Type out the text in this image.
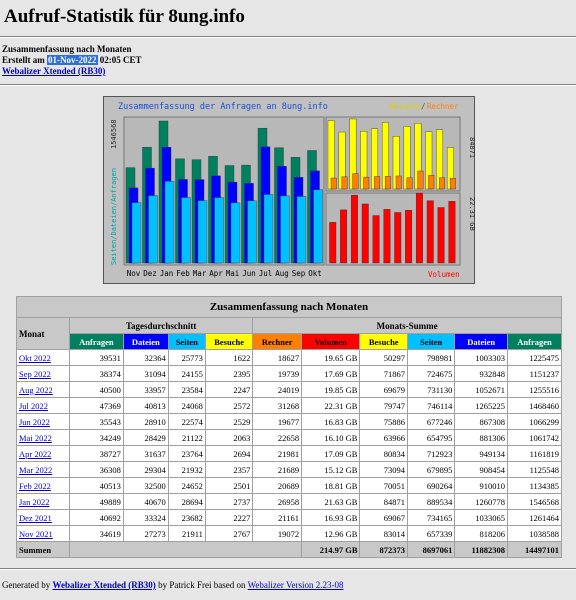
Aufruf-Statistik für 8ung.info
Zusammenfassung nach Monaten
Erstellt am 01-Nov-2022 02:05 CET
Webalizer Xtended (RB30)
Zusammenfassung der Anfragen an 8ung.info	Besuche / Rechner
Seiten/Dateien/Anfragen
1546568	84871
22.31 GB
Volumen
Nov Dez Jan Feb Mar Apr Mai Jun Jul Aug Sep Okt
Zusammenfassung nach Monaten										
Monat	Tagesdurchschnitt				Monats-Summe					
	Anfragen	Dateien	Seiten	Besuche	Rechner	Volumen	Besuche	Seiten	Dateien	Anfragen
Okt 2022	39531	32364	25773	1622	18627	19.65 GB	50297	798981	1003303	1225475
Sep 2022	38374	31094	24155	2395	19739	17.69 GB	71867	724675	932848	1151237
Aug 2022	40500	33957	23584	2247	24019	19.85 GB	69679	731130	1052671	1255516
Jul 2022	47369	40813	24068	2572	31268	22.31 GB	79747	746114	1265225	1468460
Jun 2022	35543	28910	22574	2529	19677	16.83 GB	75886	677246	867308	1066299
Mai 2022	34249	28429	21122	2063	22658	16.10 GB	63966	654795	881306	1061742
Apr 2022	38727	31637	23764	2694	21981	17.09 GB	80834	712923	949134	1161819
Mar 2022	36308	29304	21932	2357	21689	15.12 GB	73094	679895	908454	1125548
Feb 2022	40513	32500	24652	2501	20689	18.81 GB	70051	690264	910010	1134385
Jan 2022	49889	40670	28694	2737	26958	21.63 GB	84871	889534	1260778	1546568
Dez 2021	40692	33324	23682	2227	21161	16.93 GB	69067	734165	1033065	1261464
Nov 2021	34619	27273	21911	2767	19072	12.96 GB	83014	657339	818206	1038588
Summen						214.97 GB	872373	8697061	11882308	14497101
Generated by Webalizer Xtended (RB30) by Patrick Frei based on Webalizer Version 2.23-08
